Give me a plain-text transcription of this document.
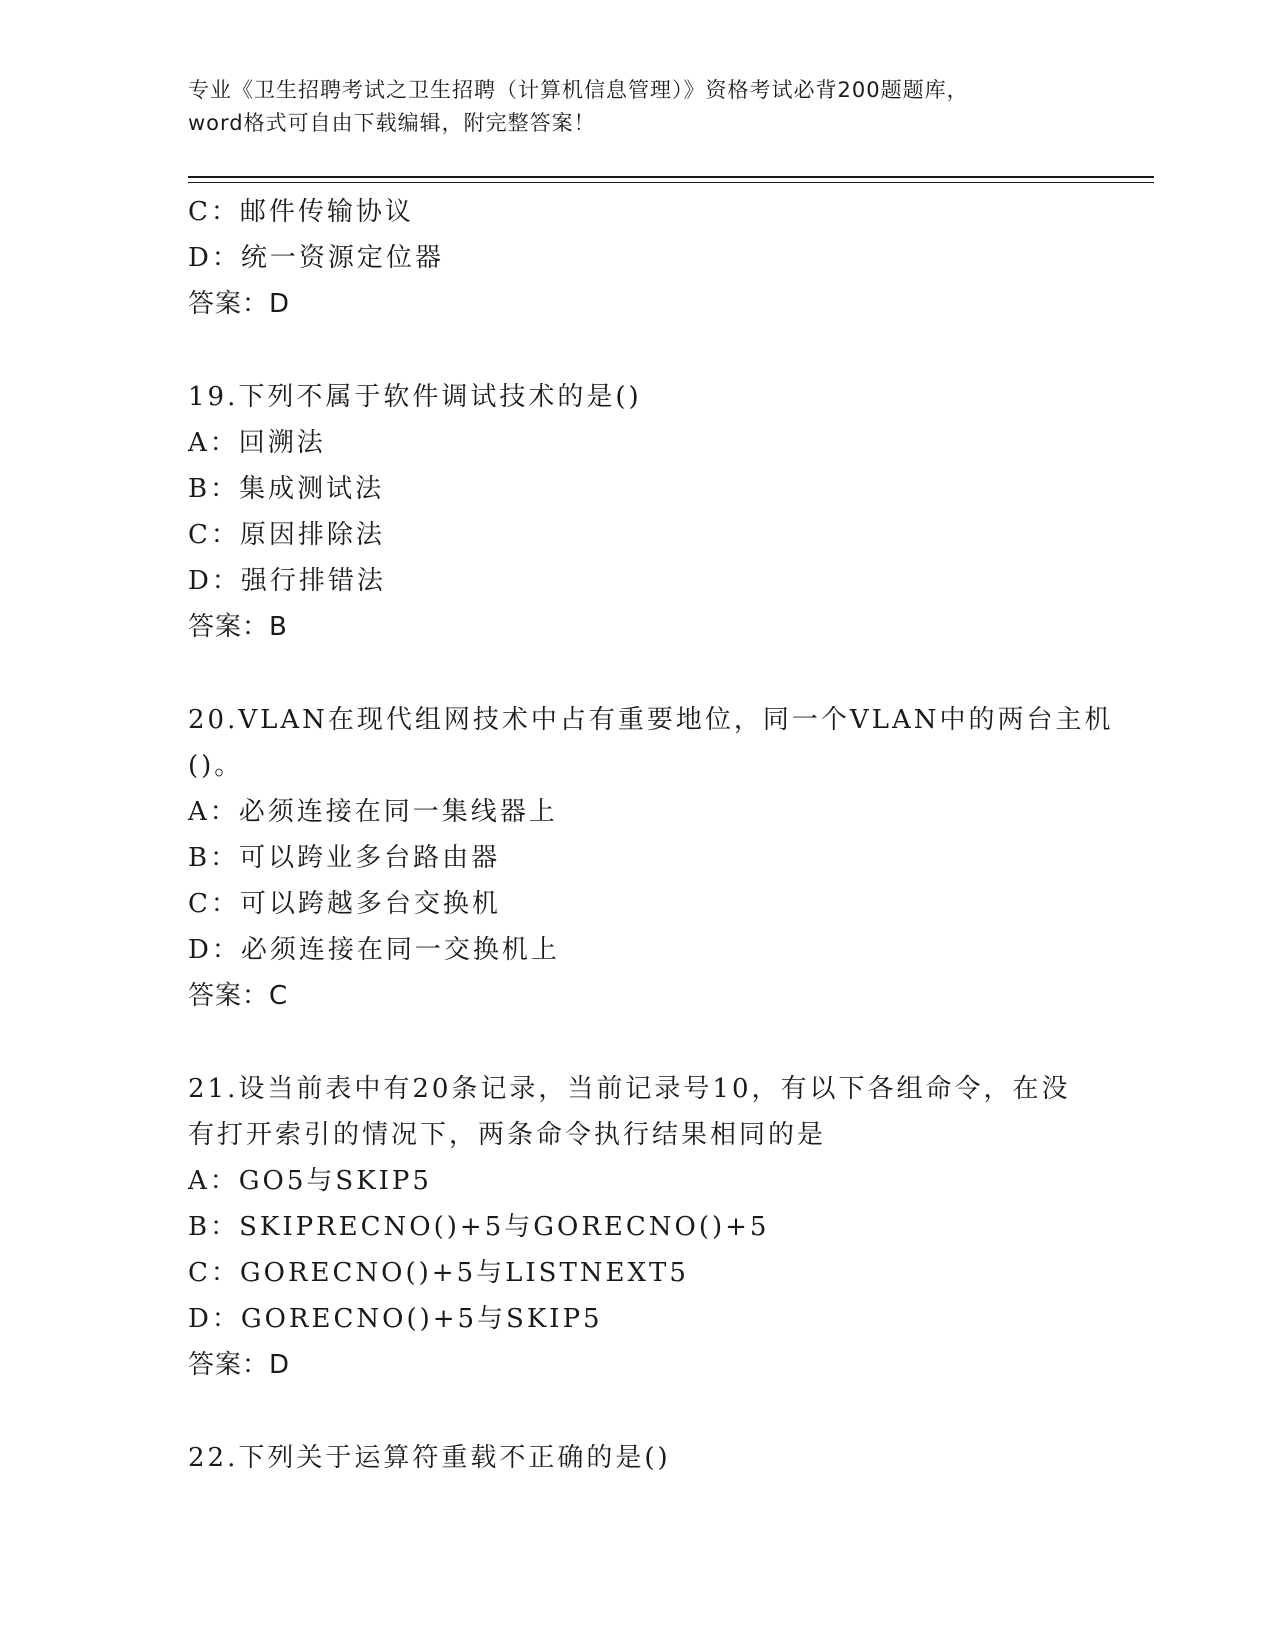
专业《卫生招聘考试之卫生招聘（计算机信息管理）》资格考试必背200题题库，
word格式可自由下载编辑，附完整答案！
C：邮件传输协议
D：统一资源定位器
答案：D
19.下列不属于软件调试技术的是()
A：回溯法
B：集成测试法
C：原因排除法
D：强行排错法
答案：B
20.VLAN在现代组网技术中占有重要地位，同一个VLAN中的两台主机
()。
A：必须连接在同一集线器上
B：可以跨业多台路由器
C：可以跨越多台交换机
D：必须连接在同一交换机上
答案：C
21.设当前表中有20条记录，当前记录号10，有以下各组命令，在没
有打开索引的情况下，两条命令执行结果相同的是
A：GO5与SKIP5
B：SKIPRECNO()+5与GORECNO()+5
C：GORECNO()+5与LISTNEXT5
D：GORECNO()+5与SKIP5
答案：D
22.下列关于运算符重载不正确的是()
